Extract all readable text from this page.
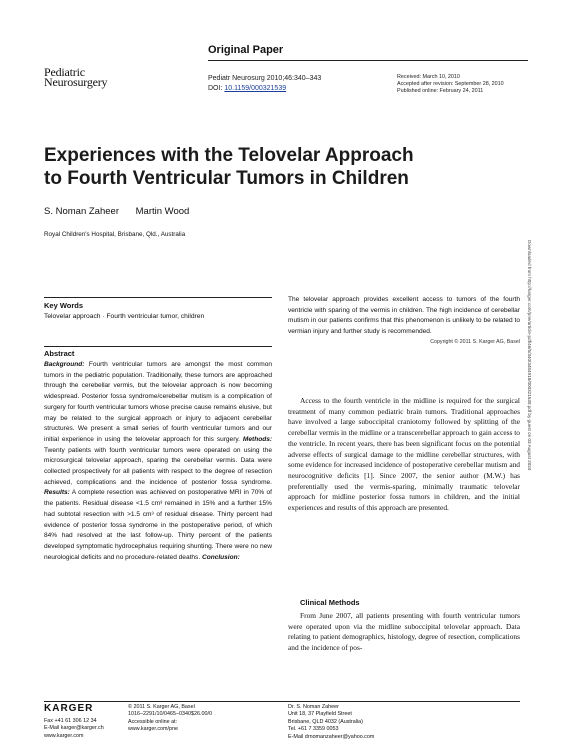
Original Paper
Pediatric
Neurosurgery	Pediatr Neurosurg 2010;46:340–343
DOI: 10.1159/000321539
Received: March 10, 2010
Accepted after revision: September 28, 2010
Published online: February 24, 2011
Experiences with the Telovelar Approach
to Fourth Ventricular Tumors in Children
S. Noman Zaheer Martin Wood
Royal Children's Hospital, Brisbane, Qld., Australia
Downloaded from http://karger.com/pne/article-pdf/46/5/340/3484918/000321539.pdf by guest on 03 August 2024
Key Words
Telovelar approach · Fourth ventricular tumor, children
Abstract

Background: Fourth ventricular tumors are amongst the most common tumors in the pediatric population. Traditionally, these tumors are approached through the cerebellar vermis, but the telovelar approach is now becoming widespread. Posterior fossa syndrome/cerebellar mutism is a complication of surgery for fourth ventricular tumors whose precise cause remains elusive, but may be related to the surgical approach or injury to adjacent cerebellar structures. We present a small series of fourth ventricular tumors and our initial experience in using the telovelar approach for this surgery. Methods: Twenty patients with fourth ventricular tumors were operated on using the microsurgical telovelar approach, sparing the cerebellar vermis. Data were collected prospectively for all patients with respect to the degree of resection achieved, complications and the incidence of posterior fossa syndrome. Results: A complete resection was achieved on postoperative MRI in 70% of the patients. Residual disease <1.5 cm³ remained in 15% and a further 15% had subtotal resection with >1.5 cm³ of residual disease. Thirty percent had evidence of posterior fossa syndrome in the postoperative period, of which 84% had resolved at the last follow-up. Thirty percent of the patients developed symptomatic hydrocephalus requiring shunting. There were no new neurological deficits and no procedure-related deaths. Conclusion:

The telovelar approach provides excellent access to tumors of the fourth ventricle with sparing of the vermis in children. The high incidence of cerebellar mutism in our patients confirms that this phenomenon is unlikely to be related to vermian injury and further study is recommended.

Copyright © 2011 S. Karger AG, Basel

Access to the fourth ventricle in the midline is required for the surgical treatment of many common pediatric brain tumors. Traditional approaches have involved a large suboccipital craniotomy followed by splitting of the cerebellar vermis in the midline or a transcerebellar approach to gain access to the ventricle. In recent years, there has been significant focus on the potential adverse effects of surgical damage to the midline cerebellar structures, with some evidence for increased incidence of postoperative cerebellar mutism and neurocognitive deficits [1]. Since 2007, the senior author (M.W.) has preferentially used the vermis-sparing, minimally traumatic telovelar approach for midline posterior fossa tumors in children, and the initial experiences and results of this approach are presented.

Clinical Methods

From June 2007, all patients presenting with fourth ventricular tumors were operated upon via the midline suboccipital telovelar approach. Data relating to patient demographics, histology, degree of resection, complications and the incidence of pos-

KARGER
Fax +41 61 306 12 34
E-Mail karger@karger.ch
www.karger.com
© 2011 S. Karger AG, Basel
1016–2291/10/0465–0340$26.00/0
Accessible online at:
www.karger.com/pne
Dr. S. Noman Zaheer
Unit 18, 37 Playfield Street
Brisbane, QLD 4032 (Australia)
Tel. +61 7 3359 0053
E-Mail drnomanzaheer@yahoo.com
